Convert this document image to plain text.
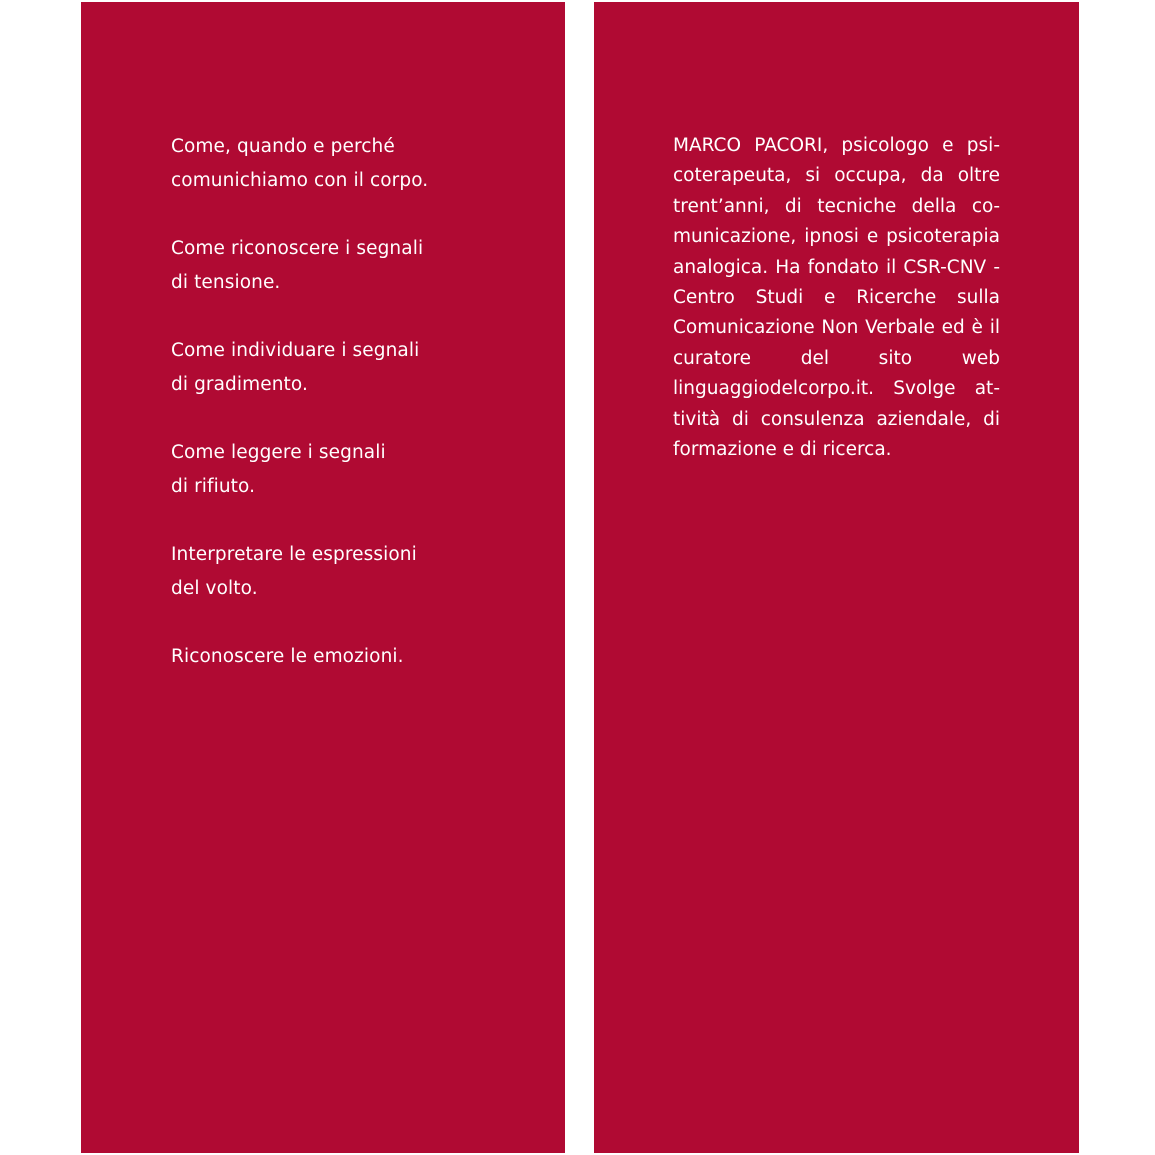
Come, quando e perché
comunichiamo con il corpo.
Come riconoscere i segnali
di tensione.
Come individuare i segnali
di gradimento.
Come leggere i segnali
di rifiuto.
Interpretare le espressioni
del volto.
Riconoscere le emozioni.

MARCO PACORI, psicologo e psicoterapeuta, si occupa, da oltre trent’anni, di tecniche della comunicazione, ipnosi e psicoterapia analogica. Ha fondato il CSR-CNV - Centro Studi e Ricerche sulla Comunicazione Non Verbale ed è il curatore del sito web linguaggiodelcorpo.it. Svolge attività di consulenza aziendale, di formazione e di ricerca.
